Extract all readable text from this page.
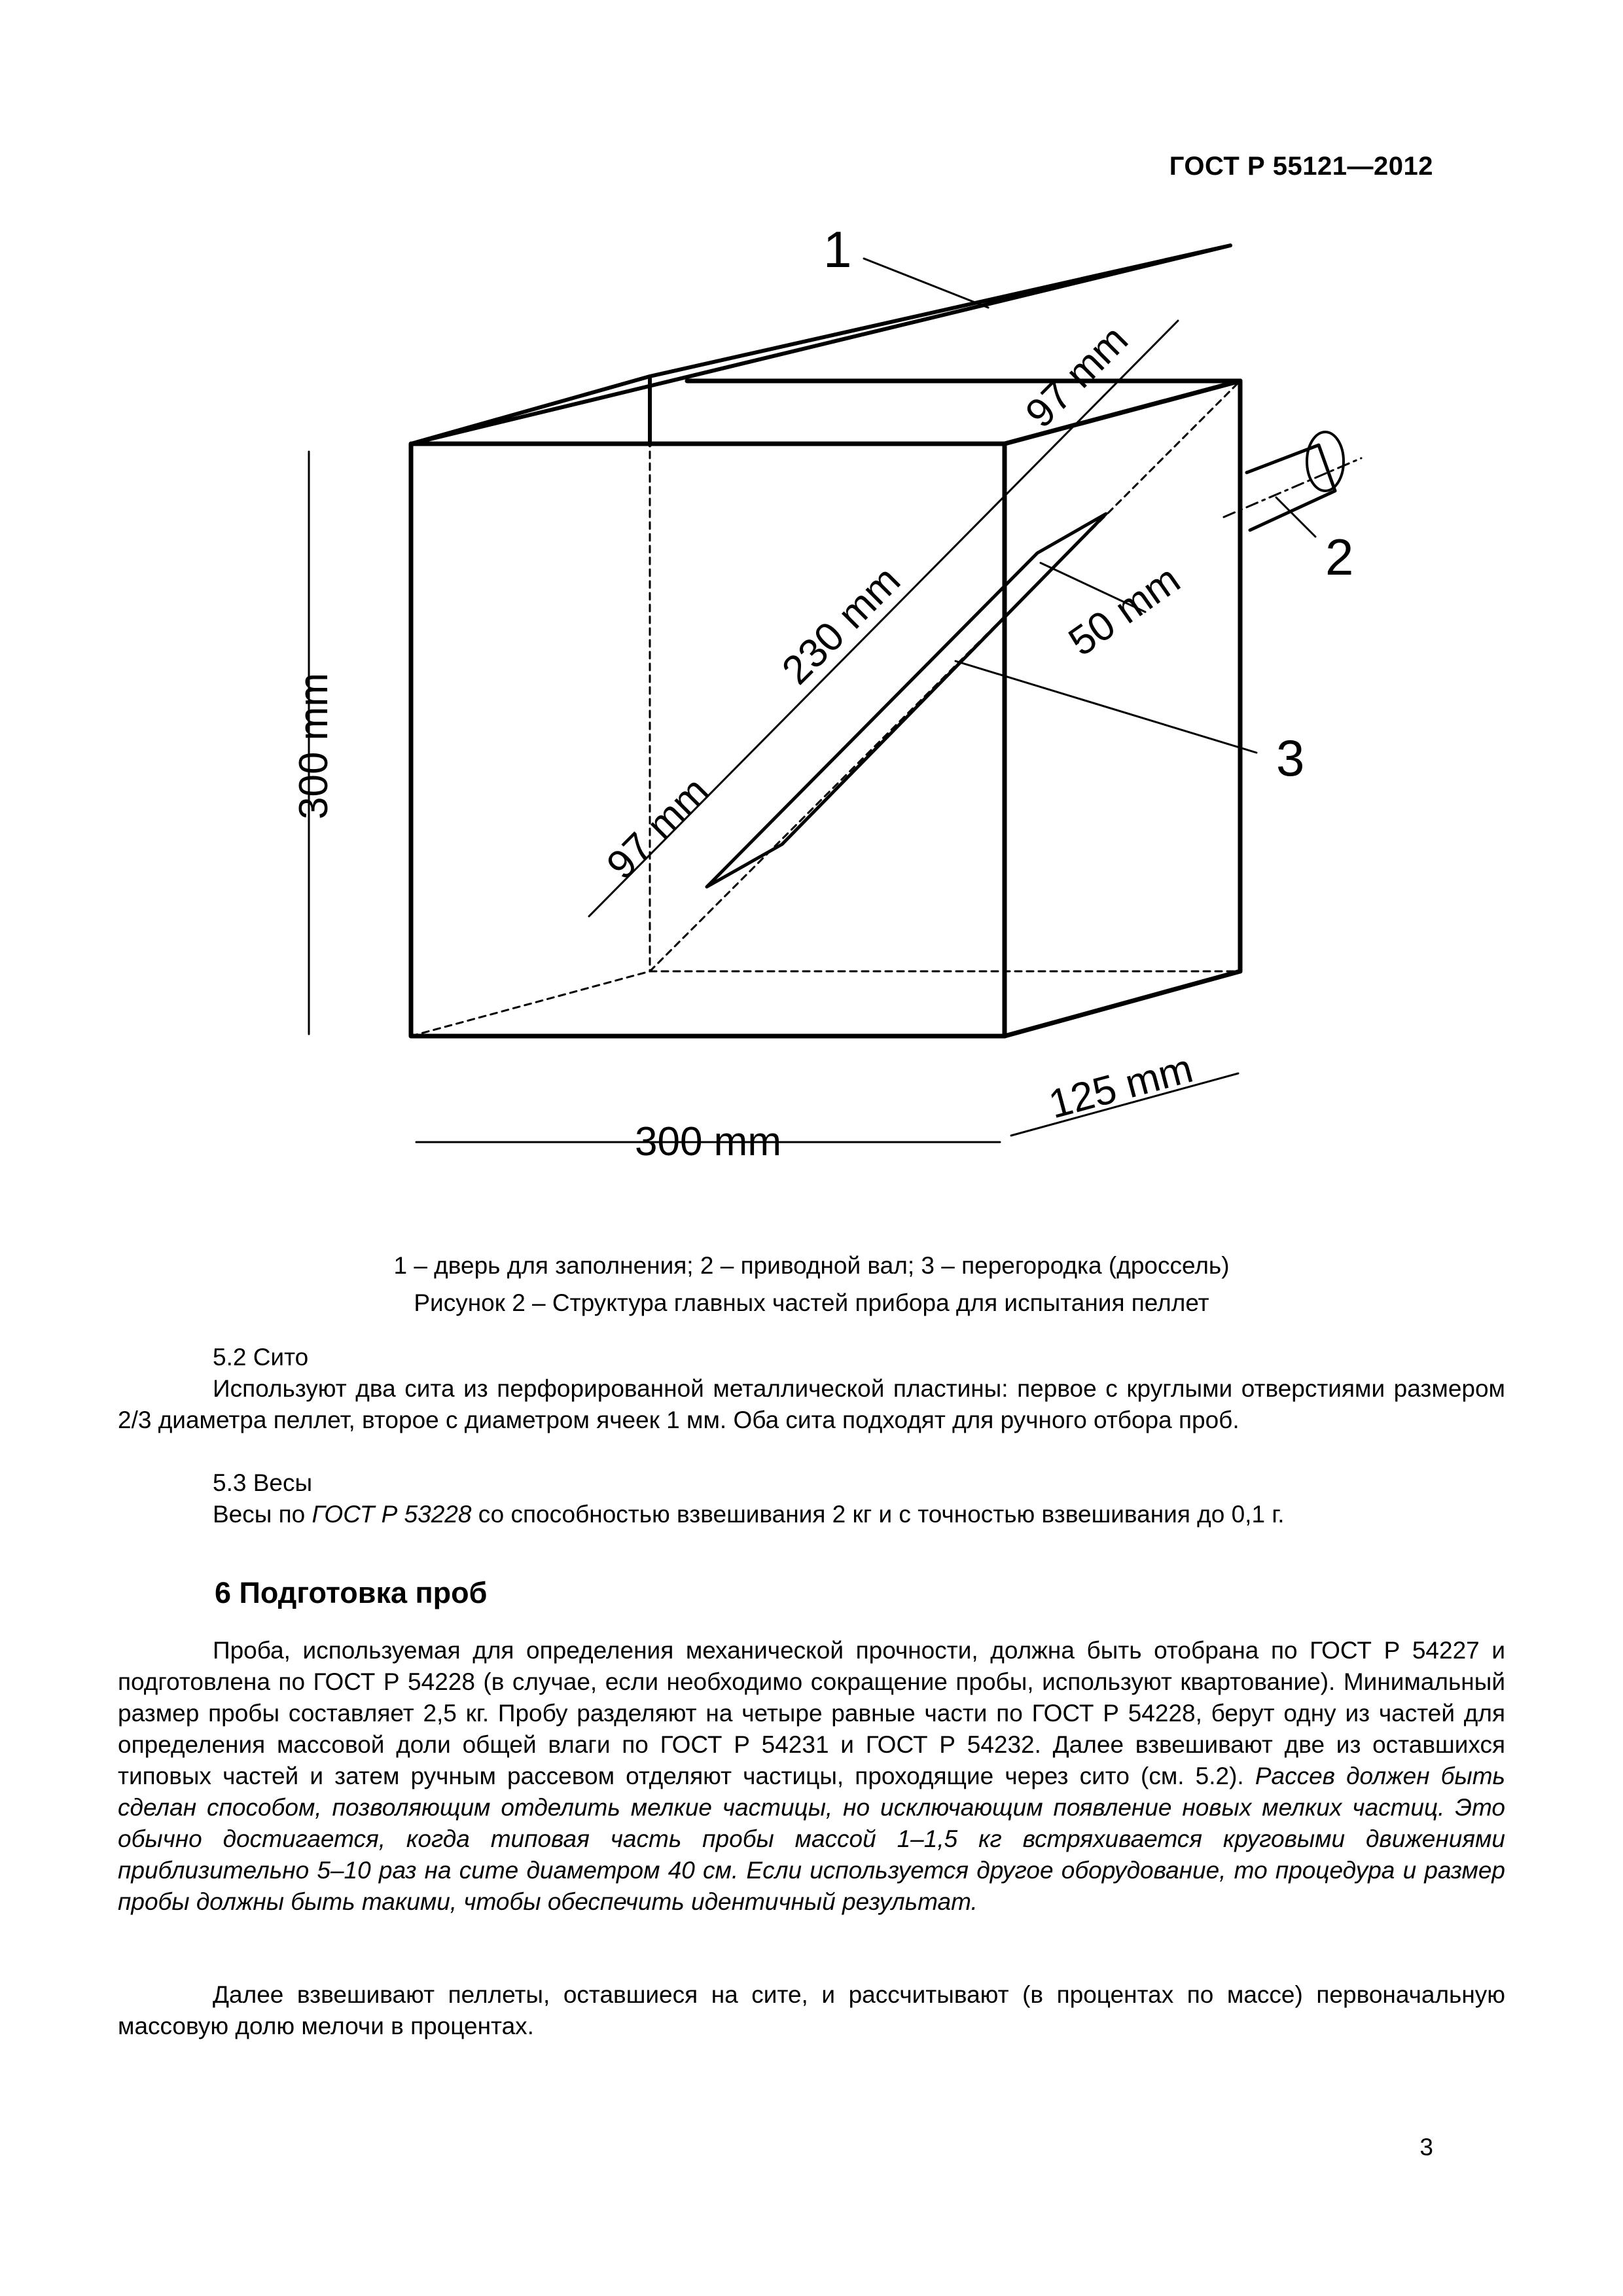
ГОСТ Р 55121—2012
1
2
3
300 mm
300 mm
125 mm
97 mm
97 mm
230 mm	50 mm
1 – дверь для заполнения; 2 – приводной вал; 3 – перегородка (дроссель)
Рисунок 2 – Структура главных частей прибора для испытания пеллет
5.2 Сито
Используют два сита из перфорированной металлической пластины: первое с круглыми отверстиями размером 2/3 диаметра пеллет, второе с диаметром ячеек 1 мм. Оба сита подходят для ручного отбора проб.
5.3 Весы
Весы по ГОСТ Р 53228 со способностью взвешивания 2 кг и с точностью взвешивания до 0,1 г.
6 Подготовка проб
Проба, используемая для определения механической прочности, должна быть отобрана по ГОСТ Р 54227 и подготовлена по ГОСТ Р 54228 (в случае, если необходимо сокращение пробы, используют квартование). Минимальный размер пробы составляет 2,5 кг. Пробу разделяют на четыре равные части по ГОСТ Р 54228, берут одну из частей для определения массовой доли общей влаги по ГОСТ Р 54231 и ГОСТ Р 54232. Далее взвешивают две из оставшихся типовых частей и затем ручным рассевом отделяют частицы, проходящие через сито (см. 5.2). Рассев должен быть сделан способом, позволяющим отделить мелкие частицы, но исключающим появление новых мелких частиц. Это обычно достигается, когда типовая часть пробы массой 1–1,5 кг встряхивается круговыми движениями приблизительно 5–10 раз на сите диаметром 40 см. Если используется другое оборудование, то процедура и размер пробы должны быть такими, чтобы обеспечить идентичный результат.
Далее взвешивают пеллеты, оставшиеся на сите, и рассчитывают (в процентах по массе) первоначальную массовую долю мелочи в процентах.
3
